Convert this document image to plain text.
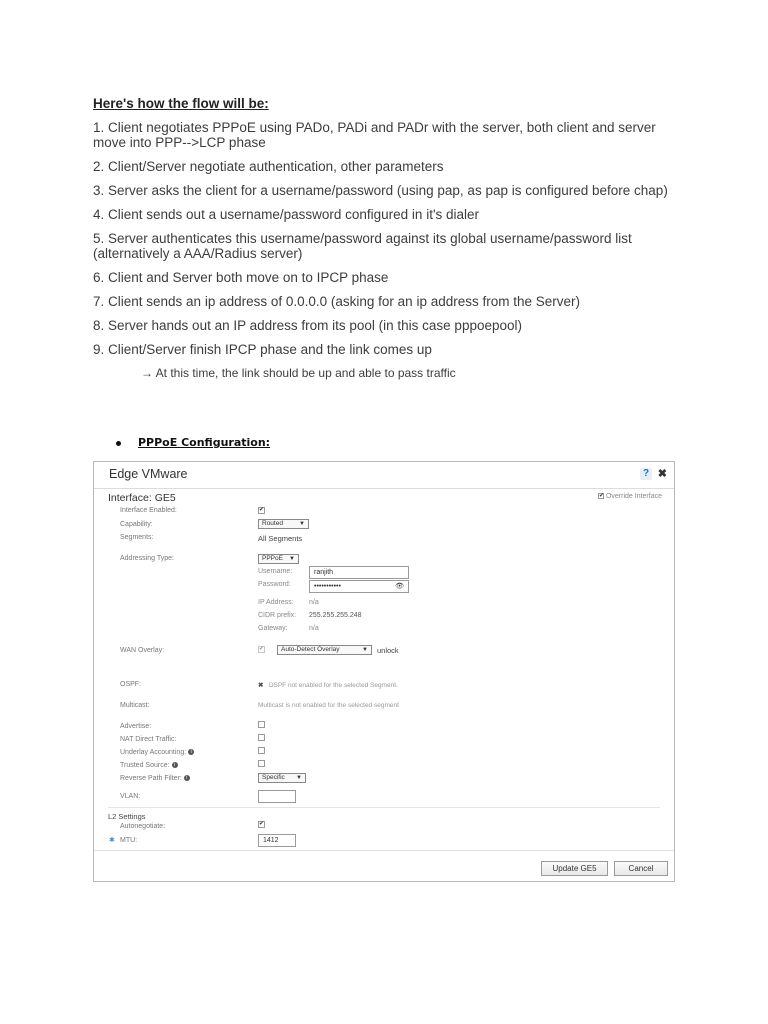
Here's how the flow will be:
1. Client negotiates PPPoE using PADo, PADi and PADr with the server, both client and server move into PPP-->LCP phase
2. Client/Server negotiate authentication, other parameters
3. Server asks the client for a username/password (using pap, as pap is configured before chap)
4. Client sends out a username/password configured in it's dialer
5. Server authenticates this username/password against its global username/password list (alternatively a AAA/Radius server)
6. Client and Server both move on to IPCP phase
7. Client sends an ip address of 0.0.0.0 (asking for an ip address from the Server)
8. Server hands out an IP address from its pool (in this case pppoepool)
9. Client/Server finish IPCP phase and the link comes up
→ At this time, the link should be up and able to pass traffic
PPPoE Configuration:
Edge VMware	? ✖
Interface: GE5	✔ Override Interface
Interface Enabled:	✔
Capability:	Routed	▼
Segments:	All Segments
Addressing Type:	PPPoE ▼
Username:	ranjith
Password:	•••••••••••	👁
IP Address: n/a
CIDR prefix: 255.255.255.248
Gateway:	n/a
WAN Overlay:	✔	Auto-Detect Overlay	▼ unlock
OSPF:	✖ OSPF not enabled for the selected Segment.
Multicast:	Multicast is not enabled for the selected segment
Advertise:
NAT Direct Traffic:
Underlay Accounting: i
Trusted Source: i
Reverse Path Filter: i	Specific ▼
VLAN:
L2 Settings
Autonegotiate:	✔
✱ MTU:	1412
Update GE5	Cancel
